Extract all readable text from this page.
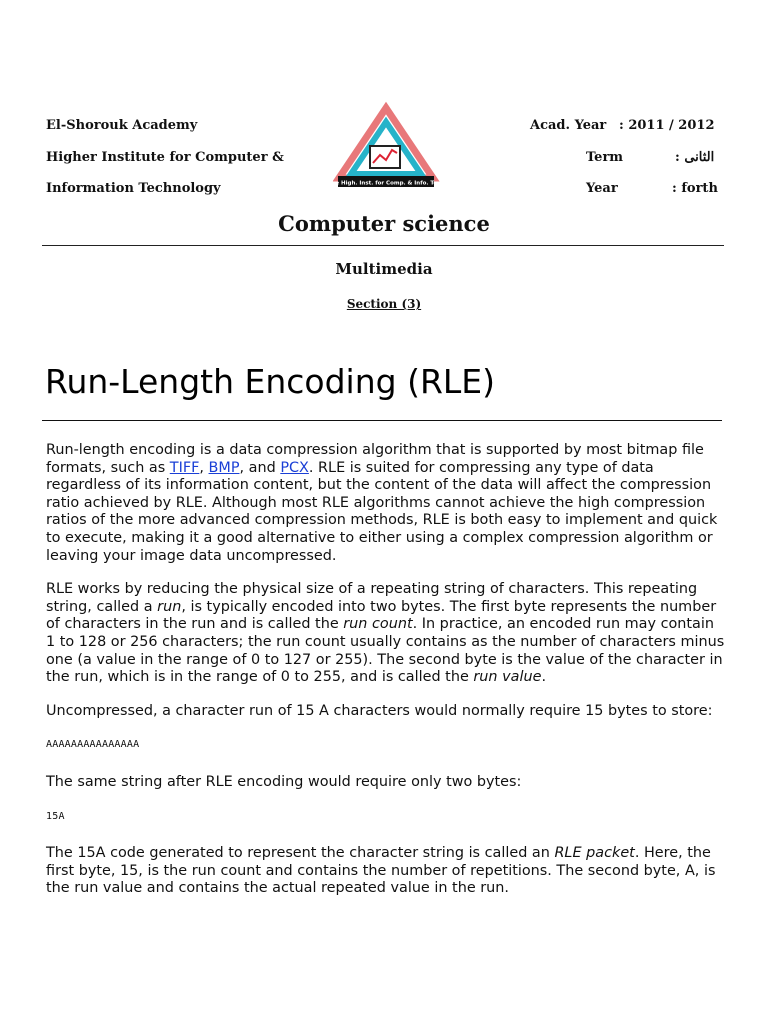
El-Shorouk Academy
Higher Institute for Computer &
Information Technology	The High. Inst. for Comp. & Info. Tech
Acad. Year : 2011 / 2012
Term	: الثانى
Year	: forth
Computer science
Multimedia
Section (3)
Run-Length Encoding (RLE)

Run-length encoding is a data compression algorithm that is supported by most bitmap file formats, such as TIFF, BMP, and PCX. RLE is suited for compressing any type of data regardless of its information content, but the content of the data will affect the compression ratio achieved by RLE. Although most RLE algorithms cannot achieve the high compression ratios of the more advanced compression methods, RLE is both easy to implement and quick to execute, making it a good alternative to either using a complex compression algorithm or leaving your image data uncompressed.

RLE works by reducing the physical size of a repeating string of characters. This repeating string, called a run, is typically encoded into two bytes. The first byte represents the number of characters in the run and is called the run count. In practice, an encoded run may contain 1 to 128 or 256 characters; the run count usually contains as the number of characters minus one (a value in the range of 0 to 127 or 255). The second byte is the value of the character in the run, which is in the range of 0 to 255, and is called the run value.

Uncompressed, a character run of 15 A characters would normally require 15 bytes to store:

AAAAAAAAAAAAAAA

The same string after RLE encoding would require only two bytes:

15A

The 15A code generated to represent the character string is called an RLE packet. Here, the first byte, 15, is the run count and contains the number of repetitions. The second byte, A, is the run value and contains the actual repeated value in the run.
